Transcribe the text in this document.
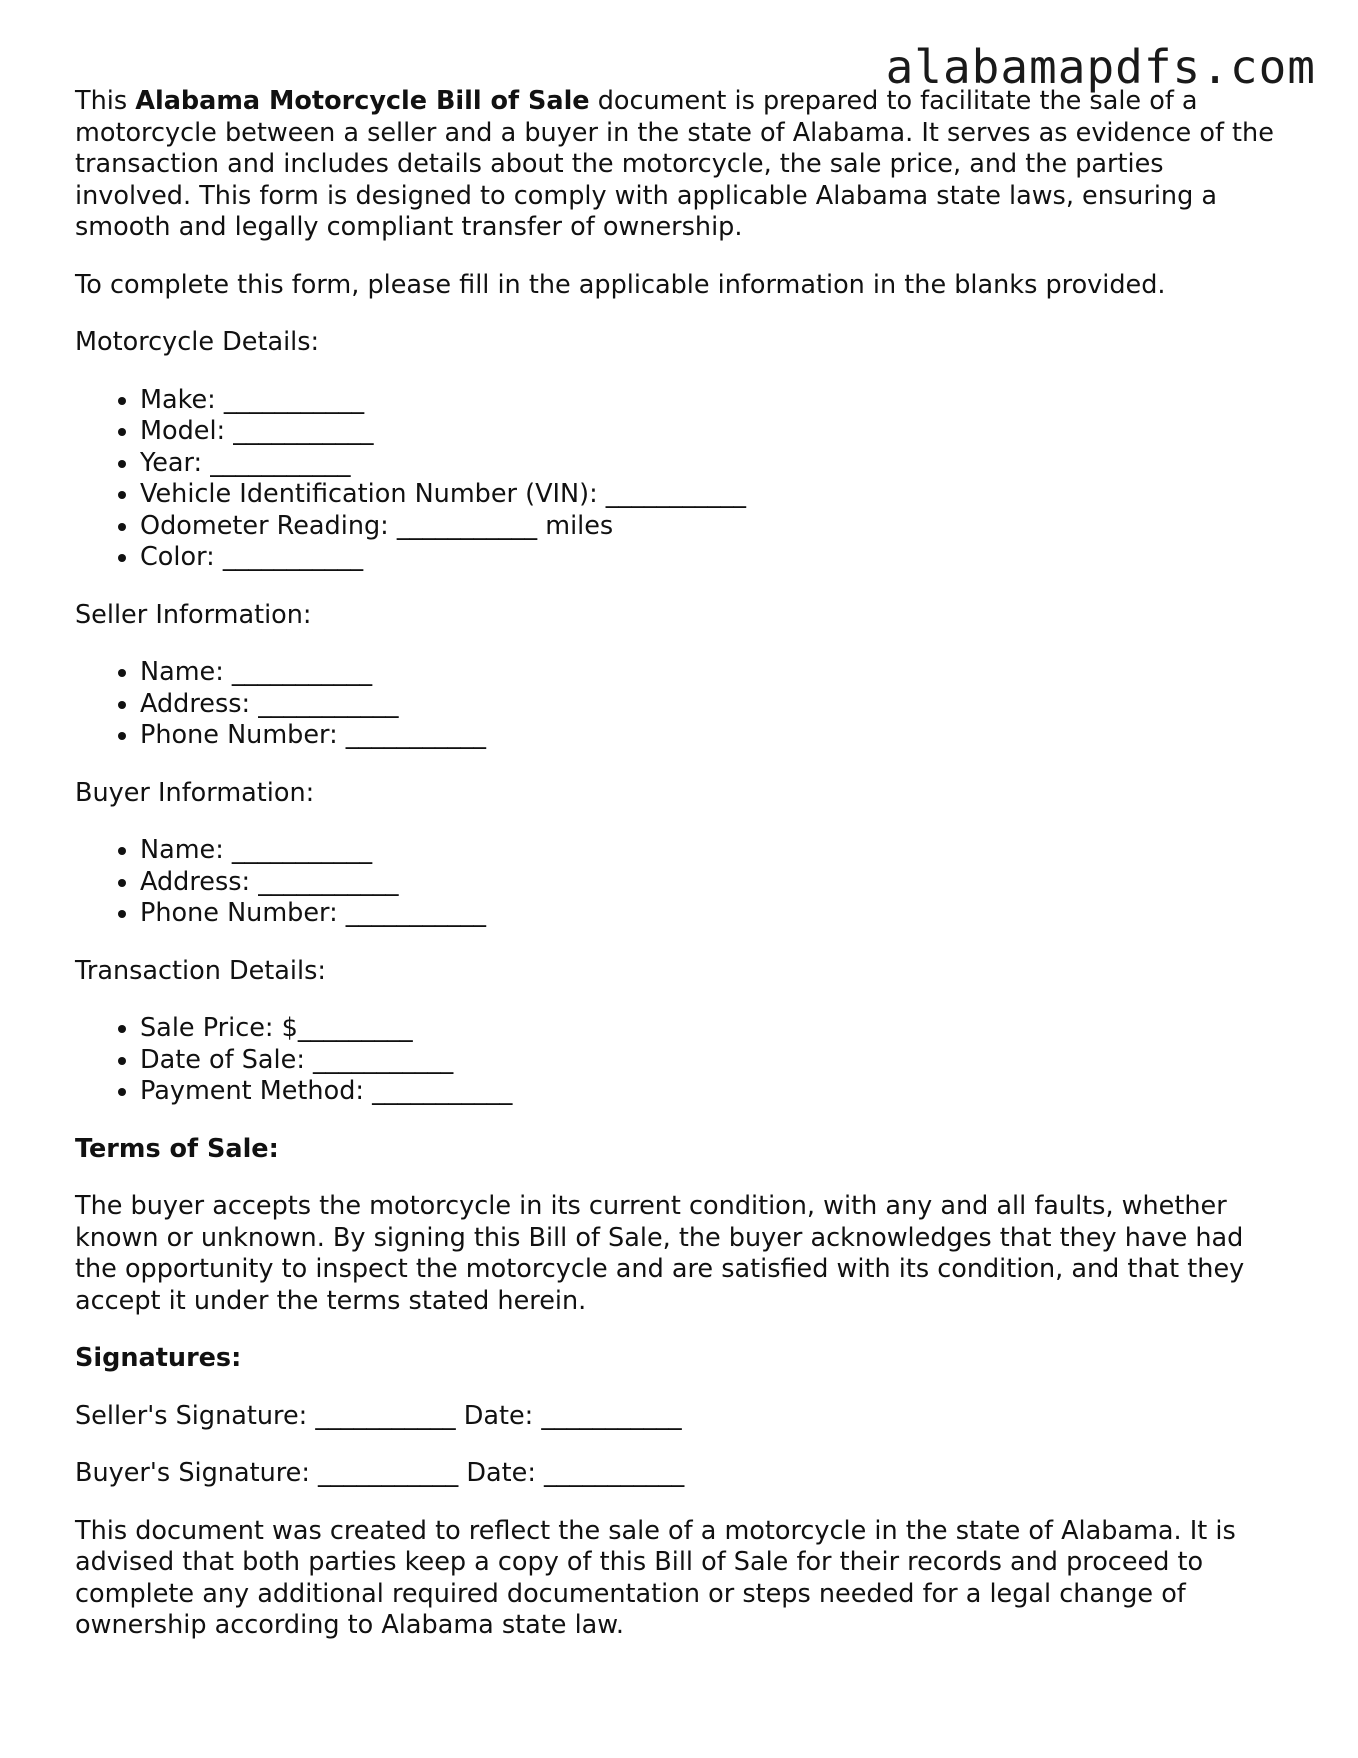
alabamapdfs.com

This Alabama Motorcycle Bill of Sale document is prepared to facilitate the sale of a motorcycle between a seller and a buyer in the state of Alabama. It serves as evidence of the transaction and includes details about the motorcycle, the sale price, and the parties involved. This form is designed to comply with applicable Alabama state laws, ensuring a smooth and legally compliant transfer of ownership.

To complete this form, please fill in the applicable information in the blanks provided.

Motorcycle Details:

• Make: ___________
• Model: ___________
• Year: ___________
• Vehicle Identification Number (VIN): ___________
• Odometer Reading: ___________ miles
• Color: ___________

Seller Information:

• Name: ___________
• Address: ___________
• Phone Number: ___________

Buyer Information:

• Name: ___________
• Address: ___________
• Phone Number: ___________

Transaction Details:

• Sale Price: $_________
• Date of Sale: ___________
• Payment Method: ___________

Terms of Sale:

The buyer accepts the motorcycle in its current condition, with any and all faults, whether known or unknown. By signing this Bill of Sale, the buyer acknowledges that they have had the opportunity to inspect the motorcycle and are satisfied with its condition, and that they accept it under the terms stated herein.

Signatures:

Seller's Signature: ___________ Date: ___________

Buyer's Signature: ___________ Date: ___________

This document was created to reflect the sale of a motorcycle in the state of Alabama. It is advised that both parties keep a copy of this Bill of Sale for their records and proceed to complete any additional required documentation or steps needed for a legal change of ownership according to Alabama state law.
